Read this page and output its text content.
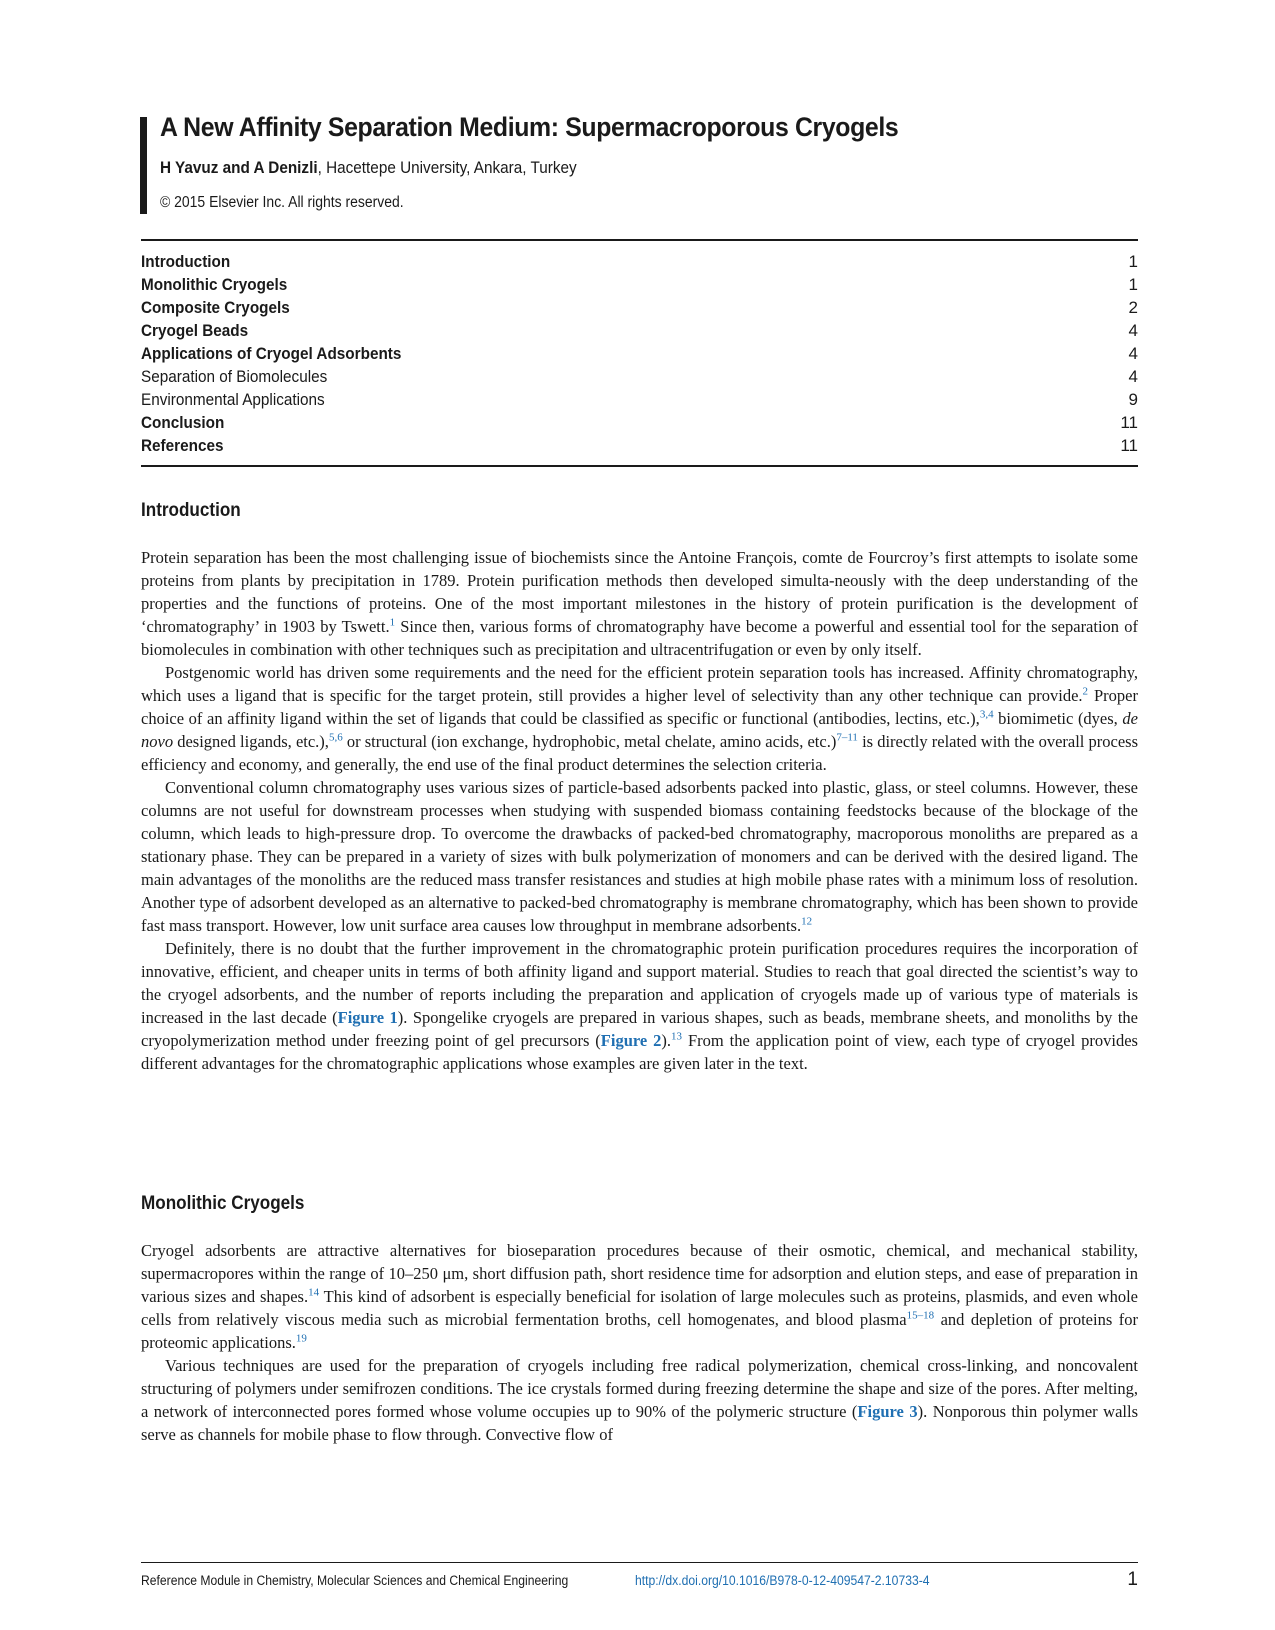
A New Affinity Separation Medium: Supermacroporous Cryogels
H Yavuz and A Denizli, Hacettepe University, Ankara, Turkey
© 2015 Elsevier Inc. All rights reserved.
Introduction	1
Monolithic Cryogels	1
Composite Cryogels	2
Cryogel Beads	4
Applications of Cryogel Adsorbents	4
Separation of Biomolecules	4
Environmental Applications	9
Conclusion	11
References	11
Introduction

Protein separation has been the most challenging issue of biochemists since the Antoine François, comte de Fourcroy’s first attempts to isolate some proteins from plants by precipitation in 1789. Protein purification methods then developed simulta-neously with the deep understanding of the properties and the functions of proteins. One of the most important milestones in the history of protein purification is the development of ‘chromatography’ in 1903 by Tswett.$^1$ Since then, various forms of chromatography have become a powerful and essential tool for the separation of biomolecules in combination with other techniques such as precipitation and ultracentrifugation or even by only itself.

Postgenomic world has driven some requirements and the need for the efficient protein separation tools has increased. Affinity chromatography, which uses a ligand that is specific for the target protein, still provides a higher level of selectivity than any other technique can provide.$^2$ Proper choice of an affinity ligand within the set of ligands that could be classified as specific or functional (antibodies, lectins, etc.),$^{3,4}$ biomimetic (dyes, de novo designed ligands, etc.),$^{5,6}$ or structural (ion exchange, hydrophobic, metal chelate, amino acids, etc.)$^{7-11}$ is directly related with the overall process efficiency and economy, and generally, the end use of the final product determines the selection criteria.

Conventional column chromatography uses various sizes of particle-based adsorbents packed into plastic, glass, or steel columns. However, these columns are not useful for downstream processes when studying with suspended biomass containing feedstocks because of the blockage of the column, which leads to high-pressure drop. To overcome the drawbacks of packed-bed chromatography, macroporous monoliths are prepared as a stationary phase. They can be prepared in a variety of sizes with bulk polymerization of monomers and can be derived with the desired ligand. The main advantages of the monoliths are the reduced mass transfer resistances and studies at high mobile phase rates with a minimum loss of resolution. Another type of adsorbent developed as an alternative to packed-bed chromatography is membrane chromatography, which has been shown to provide fast mass transport. However, low unit surface area causes low throughput in membrane adsorbents.$^{12}$

Definitely, there is no doubt that the further improvement in the chromatographic protein purification procedures requires the incorporation of innovative, efficient, and cheaper units in terms of both affinity ligand and support material. Studies to reach that goal directed the scientist’s way to the cryogel adsorbents, and the number of reports including the preparation and application of cryogels made up of various type of materials is increased in the last decade (Figure 1). Spongelike cryogels are prepared in various shapes, such as beads, membrane sheets, and monoliths by the cryopolymerization method under freezing point of gel precursors (Figure 2).$^{13}$ From the application point of view, each type of cryogel provides different advantages for the chromatographic applications whose examples are given later in the text.

Monolithic Cryogels

Cryogel adsorbents are attractive alternatives for bioseparation procedures because of their osmotic, chemical, and mechanical stability, supermacropores within the range of 10–250 μm, short diffusion path, short residence time for adsorption and elution steps, and ease of preparation in various sizes and shapes.$^{14}$ This kind of adsorbent is especially beneficial for isolation of large molecules such as proteins, plasmids, and even whole cells from relatively viscous media such as microbial fermentation broths, cell homogenates, and blood plasma$^{15-18}$ and depletion of proteins for proteomic applications.$^{19}$

Various techniques are used for the preparation of cryogels including free radical polymerization, chemical cross-linking, and noncovalent structuring of polymers under semifrozen conditions. The ice crystals formed during freezing determine the shape and size of the pores. After melting, a network of interconnected pores formed whose volume occupies up to 90% of the polymeric structure (Figure 3). Nonporous thin polymer walls serve as channels for mobile phase to flow through. Convective flow of

Reference Module in Chemistry, Molecular Sciences and Chemical Engineering	http://dx.doi.org/10.1016/B978-0-12-409547-2.10733-4	1
